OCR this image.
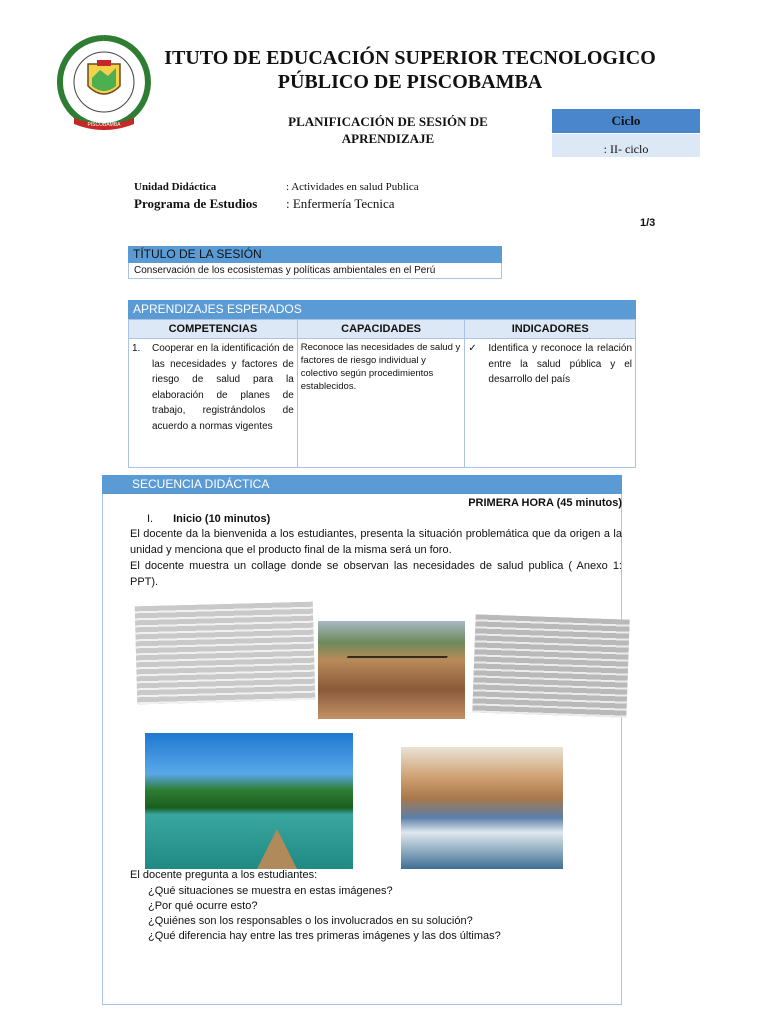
PISCOBAMBA
ITUTO DE EDUCACIÓN SUPERIOR TECNOLOGICO
PÚBLICO DE PISCOBAMBA
PLANIFICACIÓN DE SESIÓN DE APRENDIZAJE
Ciclo
: II- ciclo
Unidad Didáctica	: Actividades en salud Publica
Programa de Estudios : Enfermería Tecnica
1/3
TÍTULO DE LA SESIÓN
Conservación de los ecosistemas y políticas ambientales en el Perú
APRENDIZAJES ESPERADOS
COMPETENCIAS	CAPACIDADES	INDICADORES

1. Cooperar en la identificación de las necesidades y factores de riesgo de salud para la elaboración de planes de trabajo, registrándolos de acuerdo a normas vigentes	Reconoce las necesidades de salud y factores de riesgo individual y colectivo según procedimientos establecidos.	✓ Identifica y reconoce la relación entre la salud pública y el desarrollo del país
SECUENCIA DIDÁCTICA
PRIMERA HORA (45 minutos)
I. Inicio (10 minutos)
El docente da la bienvenida a los estudiantes, presenta la situación problemática que da origen a la unidad y menciona que el producto final de la misma será un foro.
El docente muestra un collage donde se observan las necesidades de salud publica ( Anexo 1: PPT).
El docente pregunta a los estudiantes:
¿Qué situaciones se muestra en estas imágenes?
¿Por qué ocurre esto?
¿Quiénes son los responsables o los involucrados en su solución?
¿Qué diferencia hay entre las tres primeras imágenes y las dos últimas?
